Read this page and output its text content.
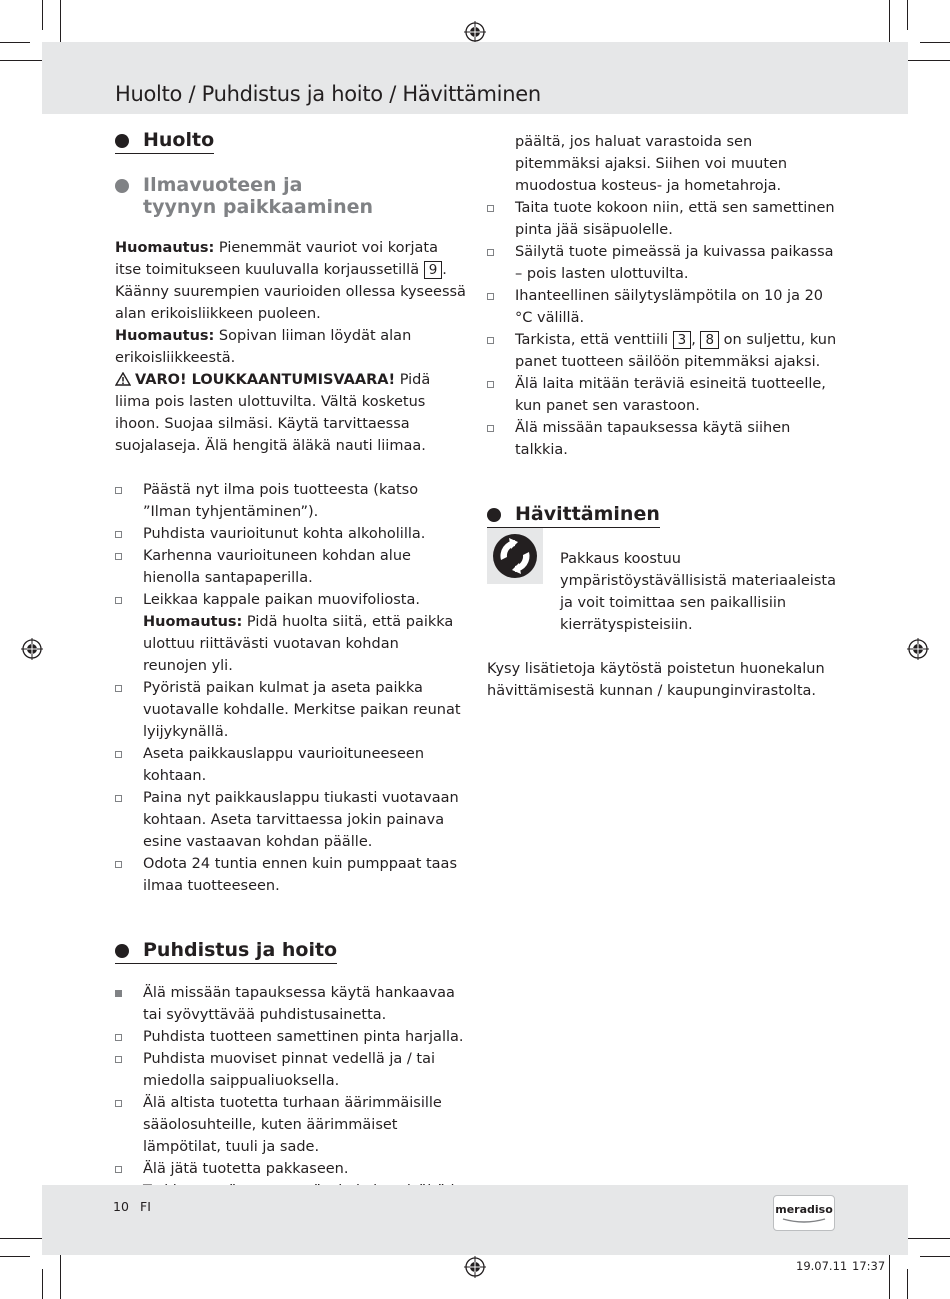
Huolto / Puhdistus ja hoito / Hävittäminen
Huolto
Ilmavuoteen ja
tyynyn paikkaaminen

Huomautus: Pienemmät vauriot voi korjata itse toimitukseen kuuluvalla korjaussetillä 9 . Käänny suurempien vaurioiden ollessa kyseessä alan erikoisliikkeen puoleen.

Huomautus: Sopivan liiman löydät alan erikoisliikkeestä.

VARO! LOUKKAANTUMISVAARA! Pidä liima pois lasten ulottuvilta. Vältä kosketus ihoon. Suojaa silmäsi. Käytä tarvittaessa suojalaseja. Älä hengitä äläkä nauti liimaa.

Päästä nyt ilma pois tuotteesta (katso ”Ilman tyhjentäminen”).
Puhdista vaurioitunut kohta alkoholilla.
Karhenna vaurioituneen kohdan alue hienolla santapaperilla.
Leikkaa kappale paikan muovifoliosta.
Huomautus: Pidä huolta siitä, että paikka ulottuu riittävästi vuotavan kohdan reunojen yli.
Pyöristä paikan kulmat ja aseta paikka vuotavalle kohdalle. Merkitse paikan reunat lyijykynällä.
Aseta paikkauslappu vaurioituneeseen kohtaan.
Paina nyt paikkauslappu tiukasti vuotavaan kohtaan. Aseta tarvittaessa jokin painava esine vastaavan kohdan päälle.
Odota 24 tuntia ennen kuin pumppaat taas ilmaa tuotteeseen.
Puhdistus ja hoito
Älä missään tapauksessa käytä hankaavaa tai syövyttävää puhdistusainetta.
Puhdista tuotteen samettinen pinta harjalla.
Puhdista muoviset pinnat vedellä ja / tai miedolla saippualiuoksella.
Älä altista tuotetta turhaan äärimmäisille sääolosuhteille, kuten äärimmäiset lämpötilat, tuuli ja sade.
Älä jätä tuotetta pakkaseen.

päältä, jos haluat varastoida sen pitemmäksi ajaksi. Siihen voi muuten muodostua kosteus- ja hometahroja.

Taita tuote kokoon niin, että sen samettinen pinta jää sisäpuolelle.
Säilytä tuote pimeässä ja kuivassa paikassa – pois lasten ulottuvilta.
Ihanteellinen säilytyslämpötila on 10 ja 20 °C välillä.
Tarkista, että venttiili 3 , 8 on suljettu, kun panet tuotteen säilöön pitemmäksi ajaksi.
Älä laita mitään teräviä esineitä tuotteelle, kun panet sen varastoon.
Älä missään tapauksessa käytä siihen talkkia.
Hävittäminen

Pakkaus koostuu ympäristöystävällisistä materiaaleista ja voit toimittaa sen paikallisiin kierrätyspisteisiin.

Kysy lisätietoja käytöstä poistetun huonekalun hävittämisestä kunnan / kaupunginvirastolta.

10 FI	meradiso
19.07.11 17:37
